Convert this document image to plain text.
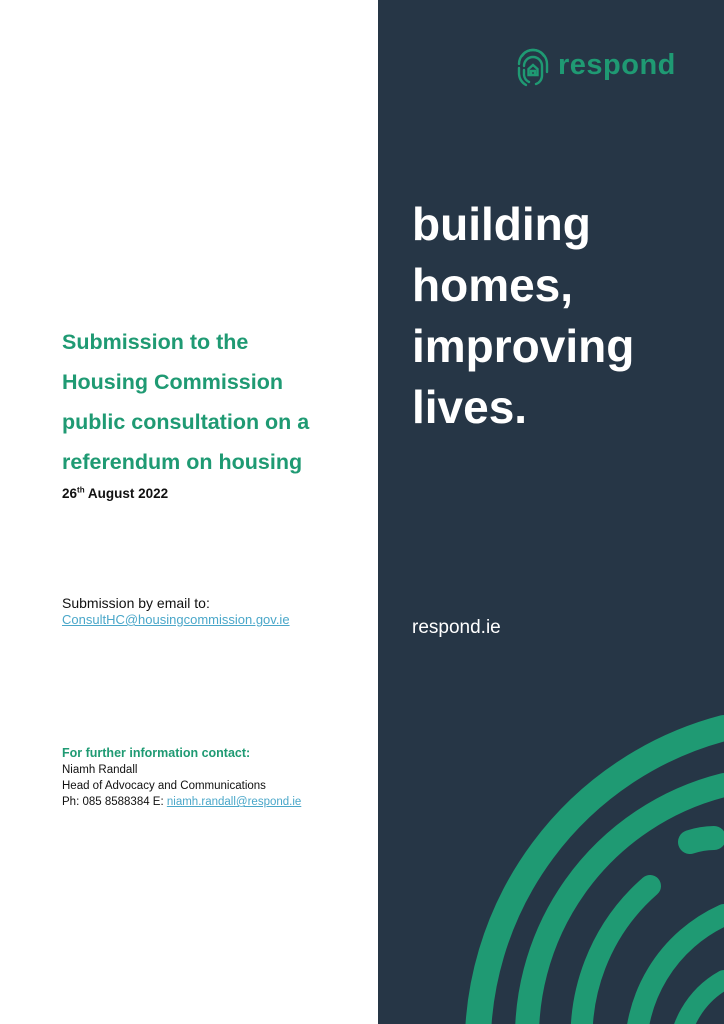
Submission to the
Housing Commission
public consultation on a
referendum on housing
26th August 2022
Submission by email to:
ConsultHC@housingcommission.gov.ie
For further information contact:
Niamh Randall
Head of Advocacy and Communications
Ph: 085 8588384 E: niamh.randall@respond.ie
respond
building
homes,
improving
lives.
respond.ie
